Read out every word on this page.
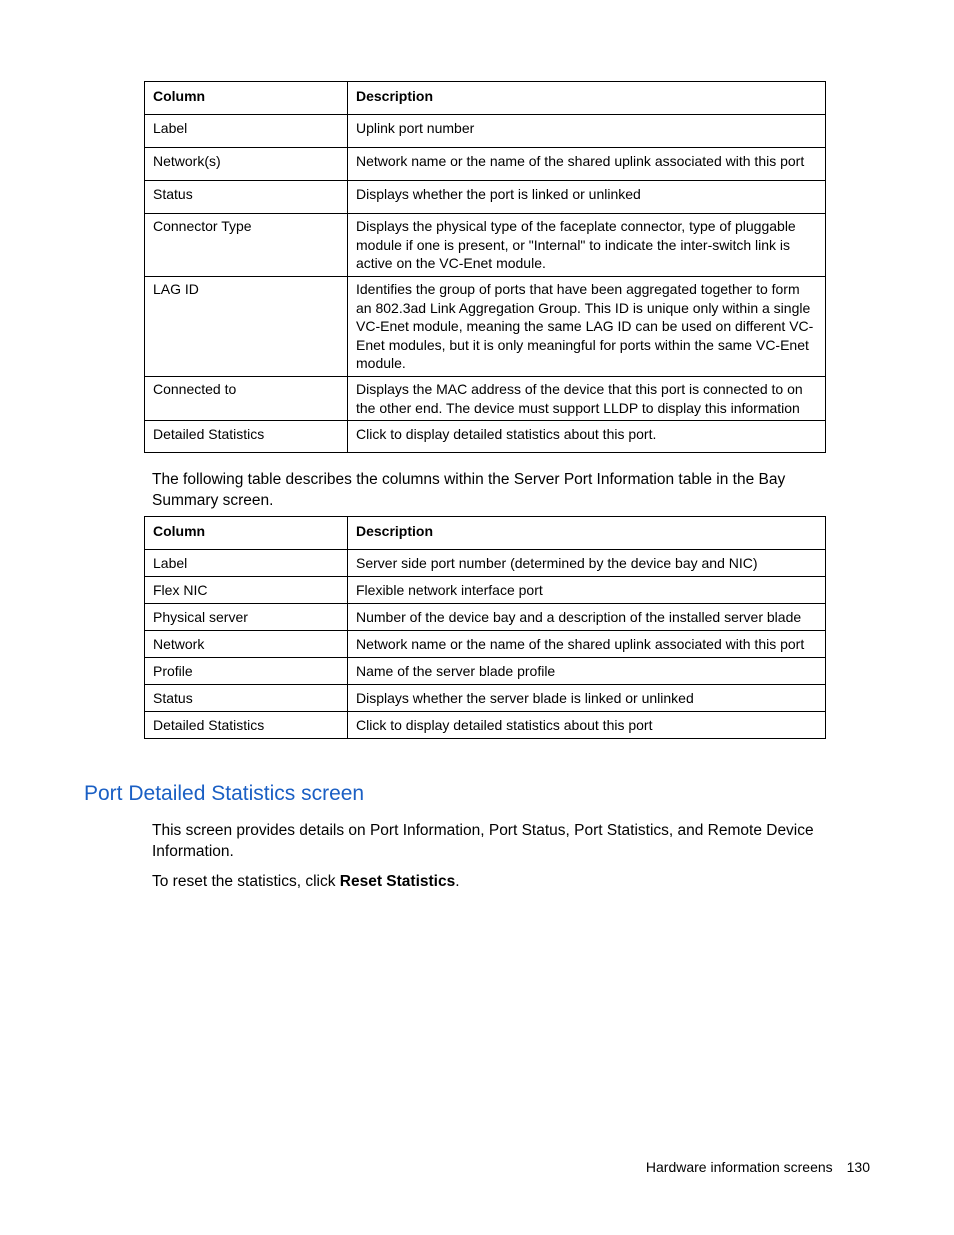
Column	Description
Label	Uplink port number
Network(s)	Network name or the name of the shared uplink associated with this port
Status	Displays whether the port is linked or unlinked
Connector Type	Displays the physical type of the faceplate connector, type of pluggable module if one is present, or "Internal" to indicate the inter-switch link is active on the VC-Enet module.
LAG ID	Identifies the group of ports that have been aggregated together to form an 802.3ad Link Aggregation Group. This ID is unique only within a single VC-Enet module, meaning the same LAG ID can be used on different VC-Enet modules, but it is only meaningful for ports within the same VC-Enet module.
Connected to	Displays the MAC address of the device that this port is connected to on the other end. The device must support LLDP to display this information
Detailed Statistics	Click to display detailed statistics about this port.

The following table describes the columns within the Server Port Information table in the Bay Summary screen.

Column	Description
Label	Server side port number (determined by the device bay and NIC)
Flex NIC	Flexible network interface port
Physical server	Number of the device bay and a description of the installed server blade
Network	Network name or the name of the shared uplink associated with this port
Profile	Name of the server blade profile
Status	Displays whether the server blade is linked or unlinked
Detailed Statistics	Click to display detailed statistics about this port
Port Detailed Statistics screen

This screen provides details on Port Information, Port Status, Port Statistics, and Remote Device Information.

To reset the statistics, click Reset Statistics.

Hardware information screens 130
